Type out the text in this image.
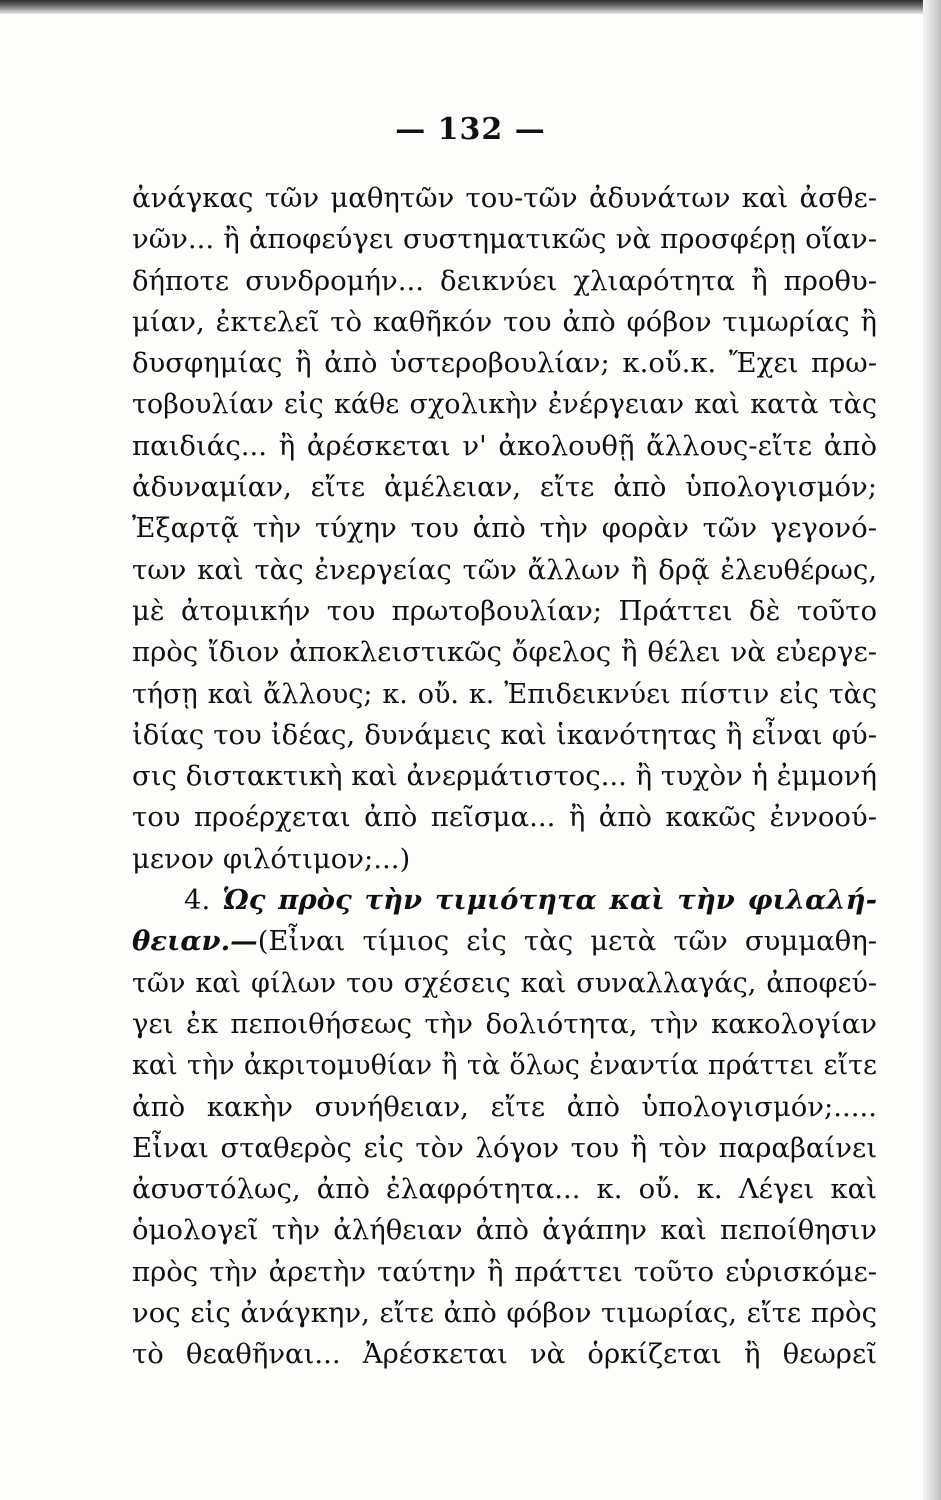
— 132 —
ἀνάγκας τῶν μαθητῶν του-τῶν ἀδυνάτων καὶ ἀσθε-
νῶν... ἢ ἀποφεύγει συστηματικῶς νὰ προσφέρῃ οἵαν-
δήποτε συνδρομήν... δεικνύει χλιαρότητα ἢ προθυ-
μίαν, ἐκτελεῖ τὸ καθῆκόν του ἀπὸ φόβον τιμωρίας ἢ
δυσφημίας ἢ ἀπὸ ὑστεροβουλίαν; κ.οὕ.κ. Ἔχει πρω-
τοβουλίαν εἰς κάθε σχολικὴν ἐνέργειαν καὶ κατὰ τὰς
παιδιάς... ἢ ἀρέσκεται ν' ἀκολουθῇ ἄλλους-εἴτε ἀπὸ
ἀδυναμίαν, εἴτε ἀμέλειαν, εἴτε ἀπὸ ὑπολογισμόν;
Ἐξαρτᾷ τὴν τύχην του ἀπὸ τὴν φορὰν τῶν γεγονό-
των καὶ τὰς ἐνεργείας τῶν ἄλλων ἢ δρᾷ ἐλευθέρως,
μὲ ἀτομικήν του πρωτοβουλίαν; Πράττει δὲ τοῦτο
πρὸς ἴδιον ἀποκλειστικῶς ὄφελος ἢ θέλει νὰ εὐεργε-
τήσῃ καὶ ἄλλους; κ. οὔ. κ. Ἐπιδεικνύει πίστιν εἰς τὰς
ἰδίας του ἰδέας, δυνάμεις καὶ ἱκανότητας ἢ εἶναι φύ-
σις διστακτικὴ καὶ ἀνερμάτιστος... ἢ τυχὸν ἡ ἐμμονή
του προέρχεται ἀπὸ πεῖσμα... ἢ ἀπὸ κακῶς ἐννοού-
μενον φιλότιμον;...)
4. Ὡς πρὸς τὴν τιμιότητα καὶ τὴν φιλαλή-
θειαν.—(Εἶναι τίμιος εἰς τὰς μετὰ τῶν συμμαθη-
τῶν καὶ φίλων του σχέσεις καὶ συναλλαγάς, ἀποφεύ-
γει ἐκ πεποιθήσεως τὴν δολιότητα, τὴν κακολογίαν
καὶ τὴν ἀκριτομυθίαν ἢ τὰ ὅλως ἐναντία πράττει εἴτε
ἀπὸ κακὴν συνήθειαν, εἴτε ἀπὸ ὑπολογισμόν;.....
Εἶναι σταθερὸς εἰς τὸν λόγον του ἢ τὸν παραβαίνει
ἀσυστόλως, ἀπὸ ἐλαφρότητα... κ. οὔ. κ. Λέγει καὶ
ὁμολογεῖ τὴν ἀλήθειαν ἀπὸ ἀγάπην καὶ πεποίθησιν
πρὸς τὴν ἀρετὴν ταύτην ἢ πράττει τοῦτο εὑρισκόμε-
νος εἰς ἀνάγκην, εἴτε ἀπὸ φόβον τιμωρίας, εἴτε πρὸς
τὸ θεαθῆναι... Ἀρέσκεται νὰ ὁρκίζεται ἢ θεωρεῖ
